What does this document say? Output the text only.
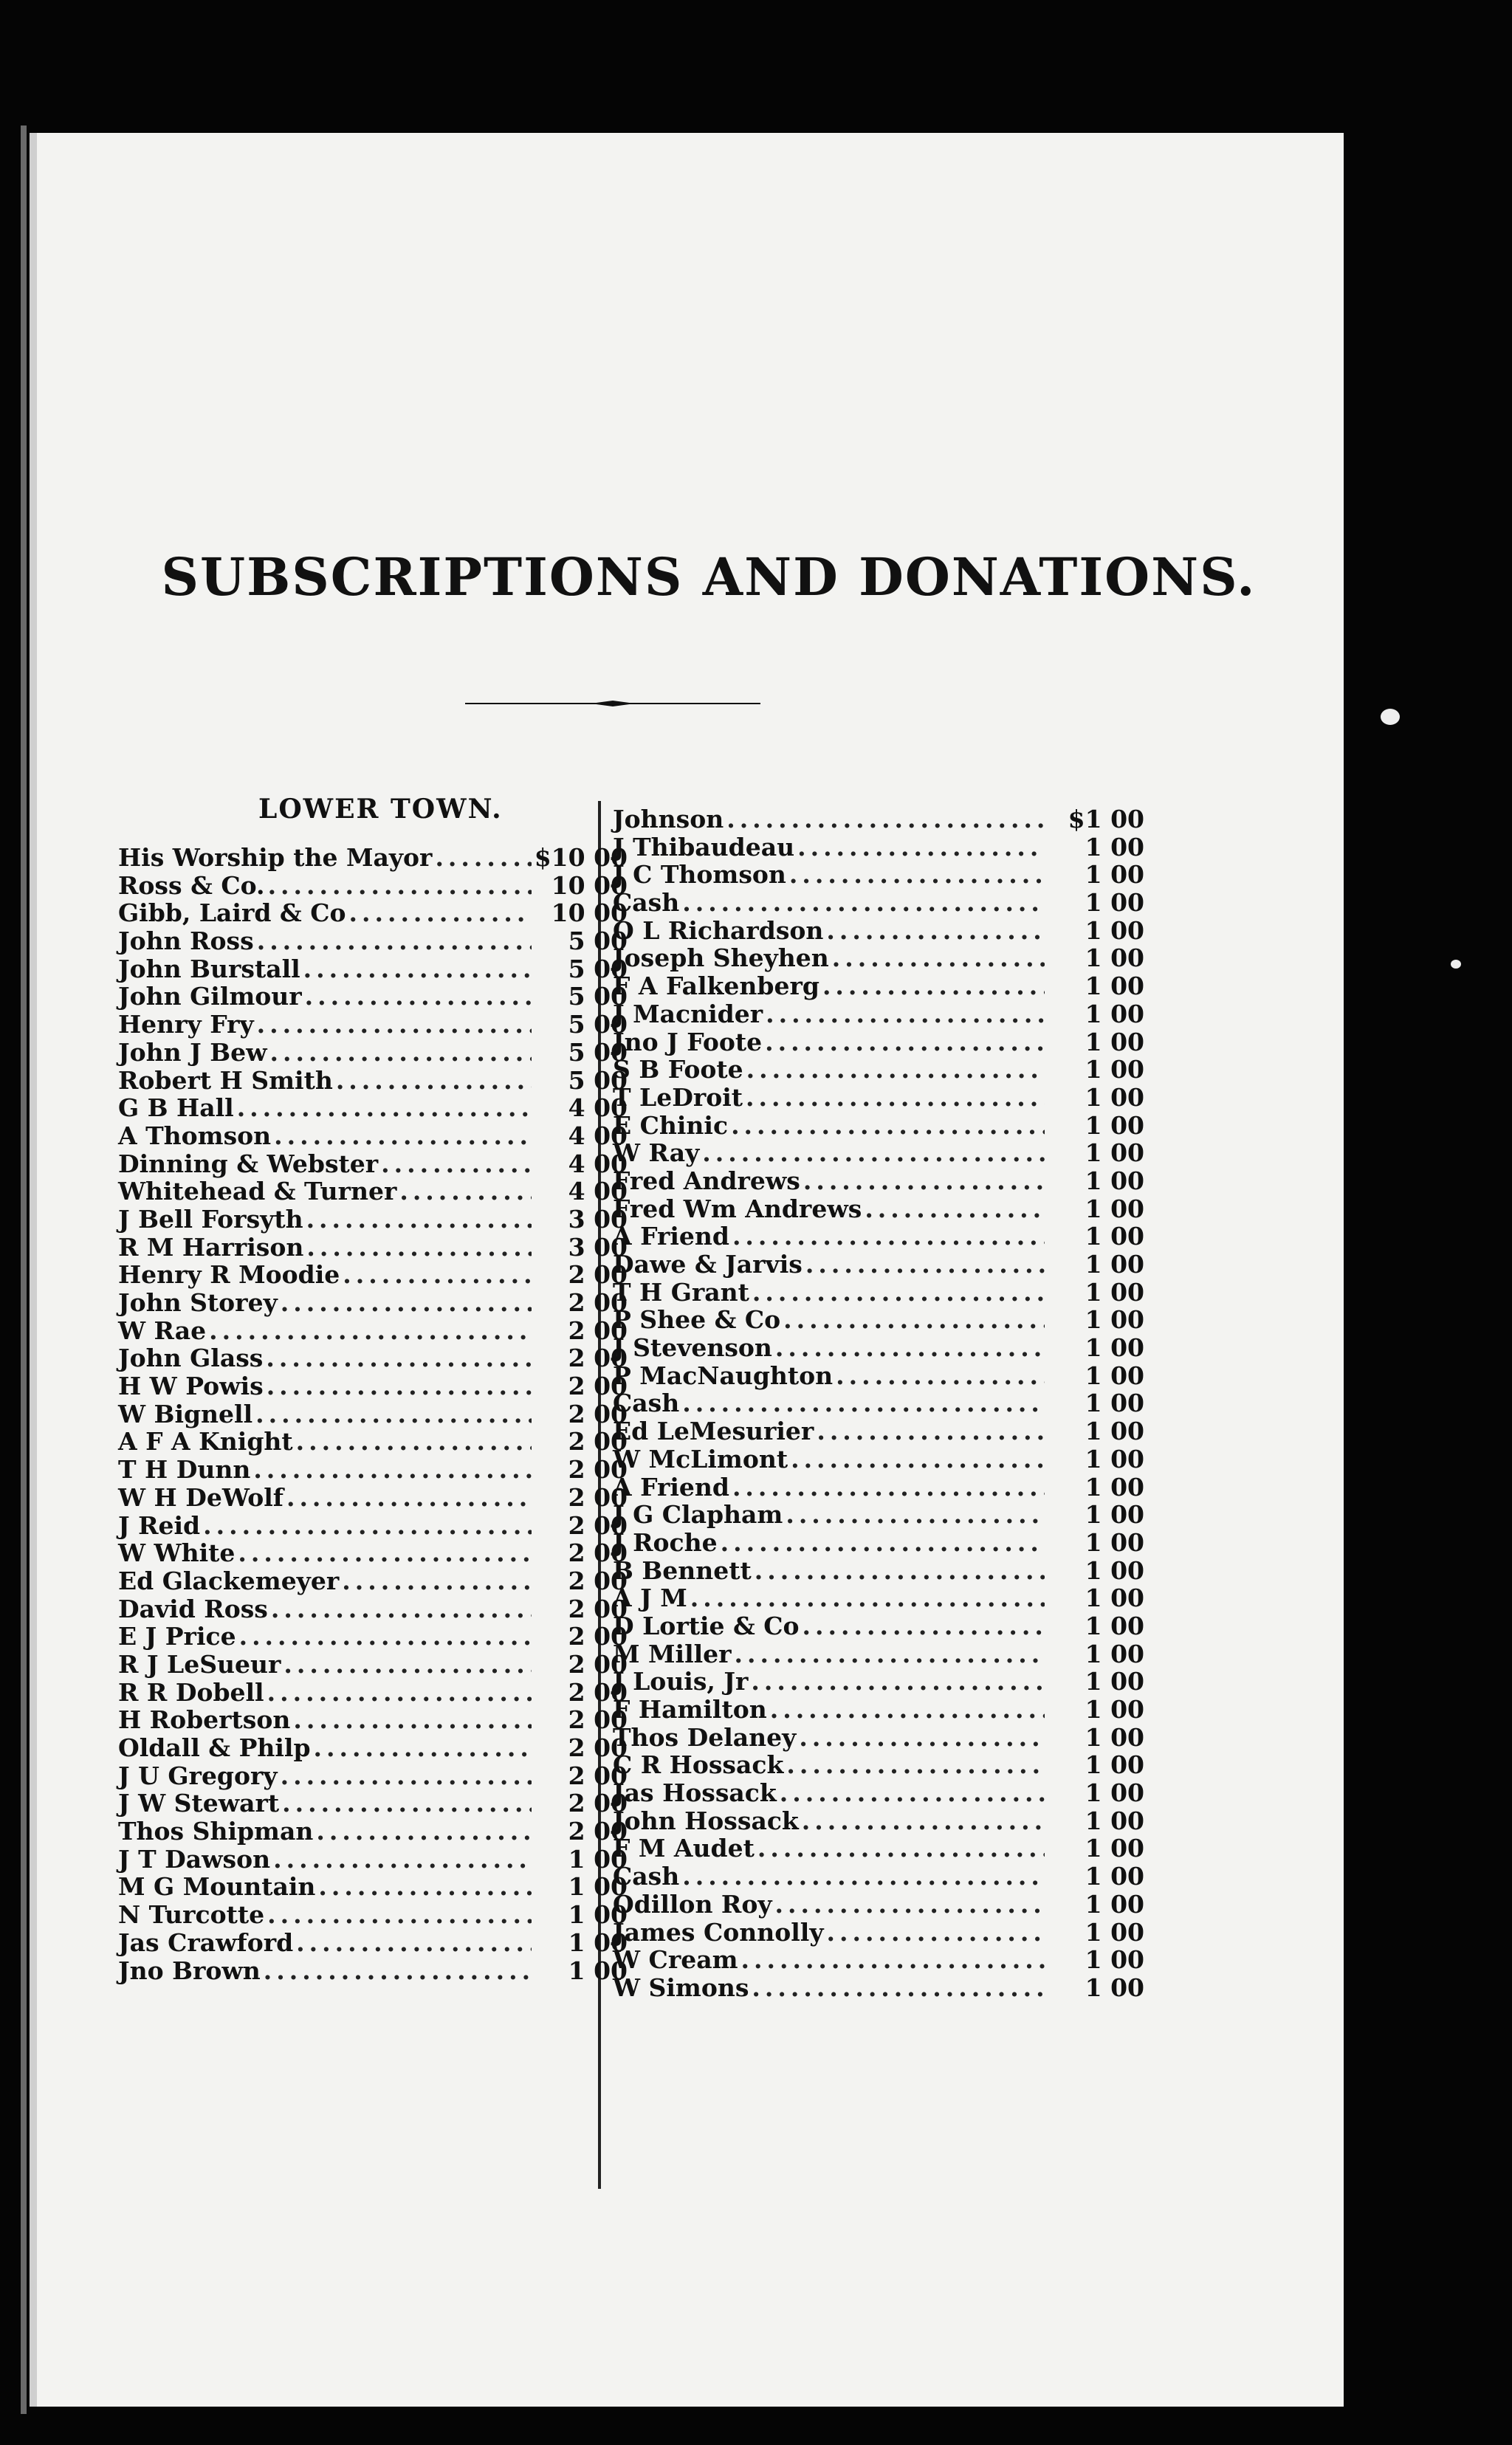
SUBSCRIPTIONS AND DONATIONS.
LOWER TOWN.
His Worship the Mayor .....	$10 00
Ross & Co. .....	10 00
Gibb, Laird & Co .....	10 00
John Ross .....	5 00
John Burstall .....	5 00
John Gilmour .....	5 00
Henry Fry .....	5 00
John J Bew .....	5 00
Robert H Smith .....	5 00
G B Hall .....	4 00
A Thomson .....	4 00
Dinning & Webster .....	4 00
Whitehead & Turner .....	4 00
J Bell Forsyth .....	3 00
R M Harrison .....	3 00
Henry R Moodie .....	2 00
John Storey .....	2 00
W Rae .....	2 00
John Glass .....	2 00
H W Powis .....	2 00
W Bignell .....	2 00
A F A Knight .....	2 00
T H Dunn .....	2 00
W H DeWolf .....	2 00
J Reid .....	2 00
W White .....	2 00
Ed Glackemeyer .....	2 00
David Ross .....	2 00
E J Price .....	2 00
R J LeSueur .....	2 00
R R Dobell .....	2 00
H Robertson .....	2 00
Oldall & Philp .....	2 00
J U Gregory .....	2 00
J W Stewart .....	2 00
Thos Shipman .....	2 00
J T Dawson .....	1 00
M G Mountain .....	1 00
N Turcotte .....	1 00
Jas Crawford .....	1 00
Jno Brown .....	1 00
Johnson .....	$1 00
J Thibaudeau .....	1 00
J C Thomson .....	1 00
Cash .....	1 00
O L Richardson .....	1 00
Joseph Sheyhen .....	1 00
F A Falkenberg .....	1 00
J Macnider .....	1 00
Jno J Foote .....	1 00
S B Foote .....	1 00
T LeDroit .....	1 00
E Chinic .....	1 00
W Ray .....	1 00
Fred Andrews .....	1 00
Fred Wm Andrews .....	1 00
A Friend .....	1 00
Dawe & Jarvis .....	1 00
T H Grant .....	1 00
P Shee & Co .....	1 00
J Stevenson .....	1 00
P MacNaughton .....	1 00
Cash .....	1 00
Ed LeMesurier .....	1 00
W McLimont .....	1 00
A Friend .....	1 00
J G Clapham .....	1 00
J Roche .....	1 00
B Bennett .....	1 00
A J M .....	1 00
D Lortie & Co .....	1 00
M Miller .....	1 00
J Louis, Jr .....	1 00
F Hamilton .....	1 00
Thos Delaney .....	1 00
C R Hossack .....	1 00
Jas Hossack .....	1 00
John Hossack .....	1 00
F M Audet .....	1 00
Cash .....	1 00
Odillon Roy .....	1 00
James Connolly .....	1 00
W Cream .....	1 00
W Simons .....	1 00
